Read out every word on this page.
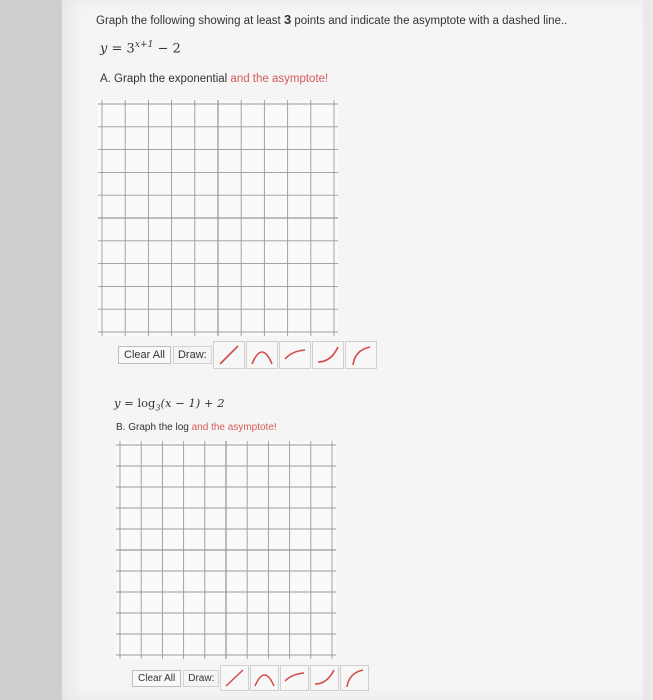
Graph the following showing at least 3 points and indicate the asymptote with a dashed line..
$y = 3^{x+1} - 2$
A. Graph the exponential and the asymptote!
Clear All	Draw:
$y = \log_3(x - 1) + 2$
B. Graph the log and the asymptote!
Clear All	Draw:
